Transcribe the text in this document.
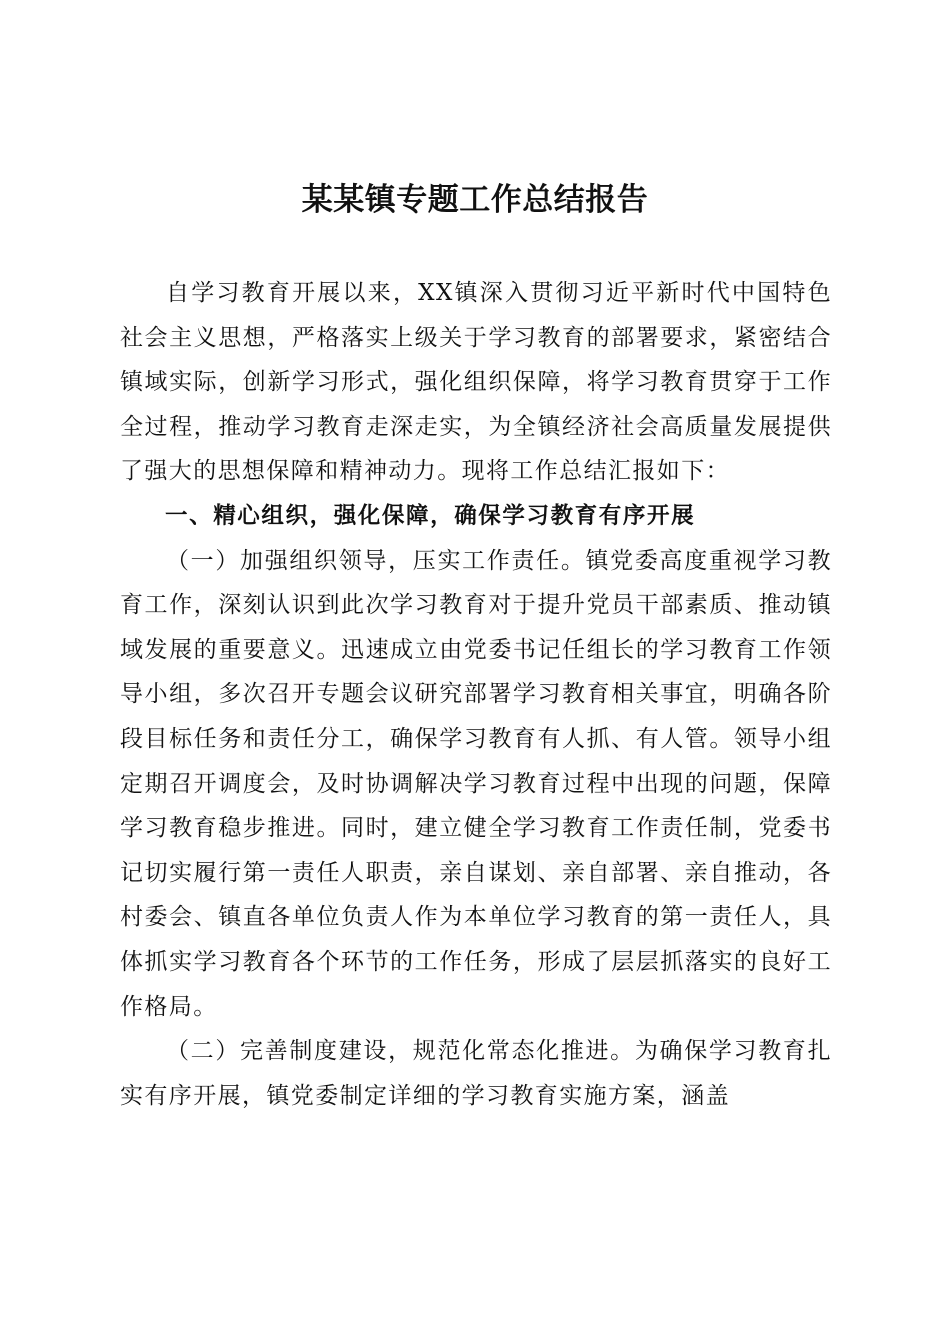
某某镇专题工作总结报告

自学习教育开展以来，XX镇深入贯彻习近平新时代中国特色社会主义思想，严格落实上级关于学习教育的部署要求，紧密结合镇域实际，创新学习形式，强化组织保障，将学习教育贯穿于工作全过程，推动学习教育走深走实，为全镇经济社会高质量发展提供了强大的思想保障和精神动力。现将工作总结汇报如下：

一、精心组织，强化保障，确保学习教育有序开展

（一）加强组织领导，压实工作责任。镇党委高度重视学习教育工作，深刻认识到此次学习教育对于提升党员干部素质、推动镇域发展的重要意义。迅速成立由党委书记任组长的学习教育工作领导小组，多次召开专题会议研究部署学习教育相关事宜，明确各阶段目标任务和责任分工，确保学习教育有人抓、有人管。领导小组定期召开调度会，及时协调解决学习教育过程中出现的问题，保障学习教育稳步推进。同时，建立健全学习教育工作责任制，党委书记切实履行第一责任人职责，亲自谋划、亲自部署、亲自推动，各村委会、镇直各单位负责人作为本单位学习教育的第一责任人，具体抓实学习教育各个环节的工作任务，形成了层层抓落实的良好工作格局。

（二）完善制度建设，规范化常态化推进。为确保学习教育扎实有序开展，镇党委制定详细的学习教育实施方案，涵盖
